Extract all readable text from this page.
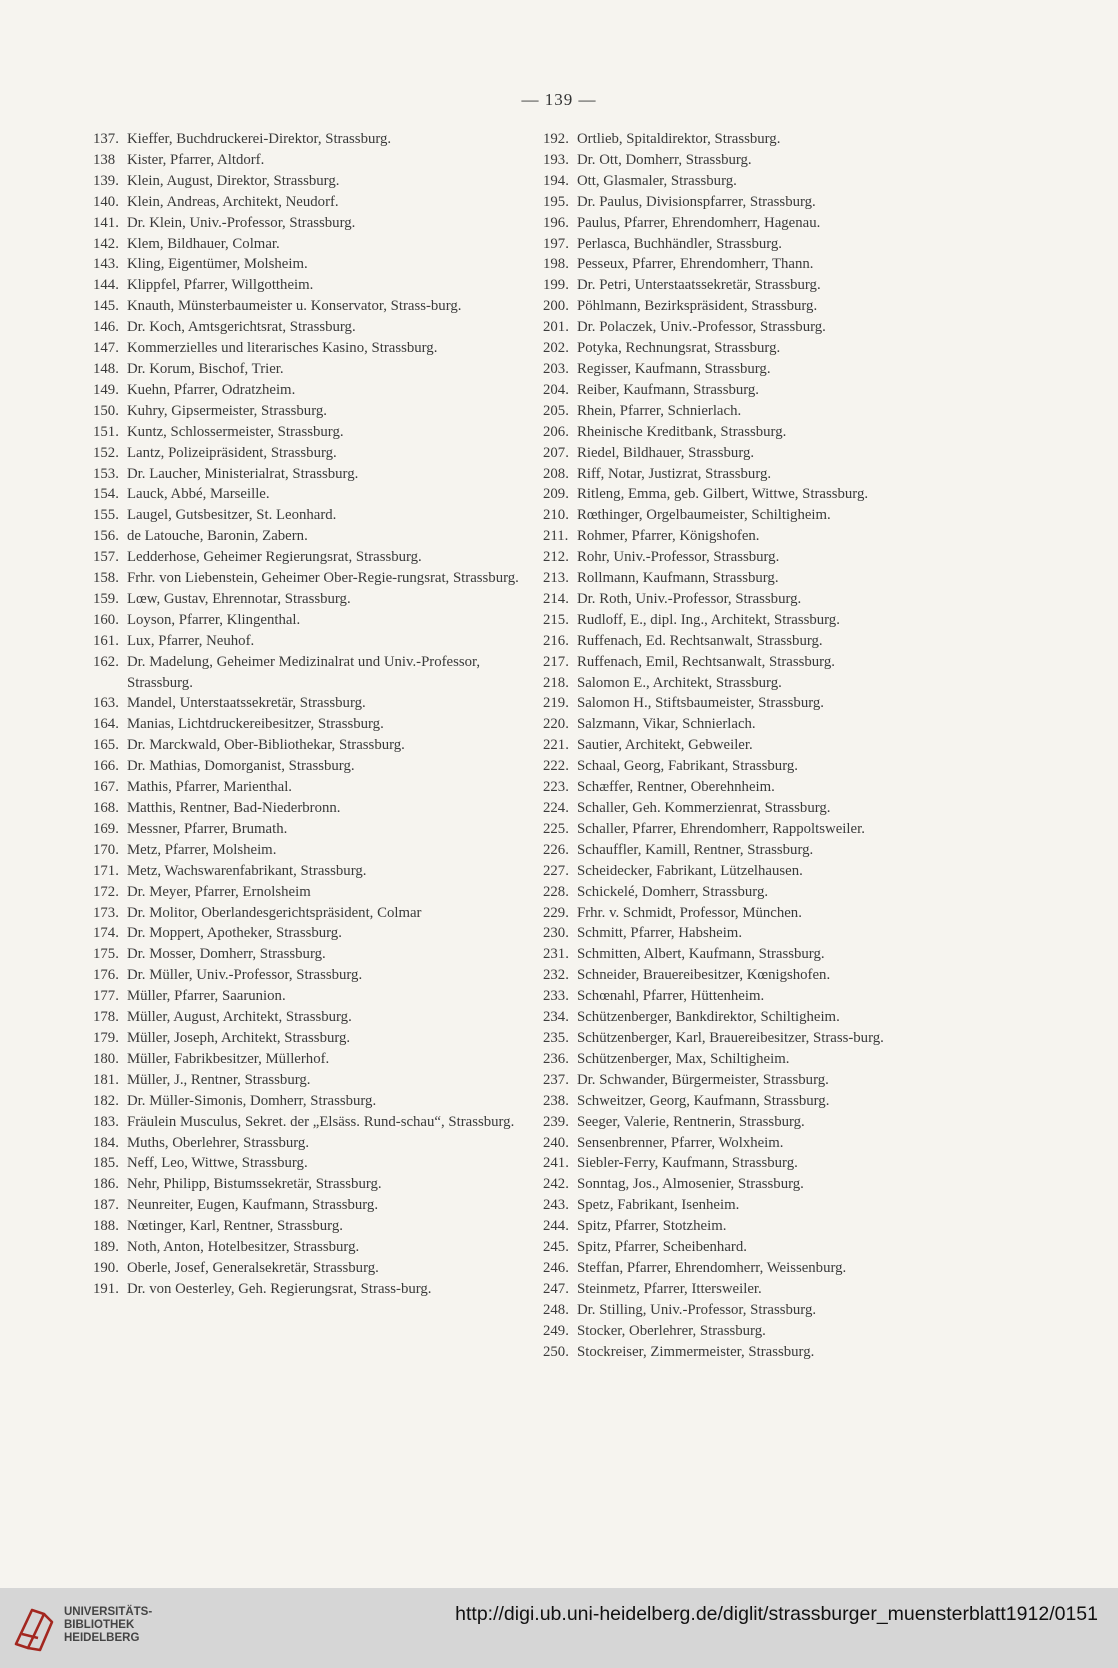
— 139 —
137. Kieffer, Buchdruckerei-Direktor, Strassburg.
138 Kister, Pfarrer, Altdorf.
139. Klein, August, Direktor, Strassburg.
140. Klein, Andreas, Architekt, Neudorf.
141. Dr. Klein, Univ.-Professor, Strassburg.
142. Klem, Bildhauer, Colmar.
143. Kling, Eigentümer, Molsheim.
144. Klippfel, Pfarrer, Willgottheim.
145. Knauth, Münsterbaumeister u. Konservator, Strass-burg.
146. Dr. Koch, Amtsgerichtsrat, Strassburg.
147. Kommerzielles und literarisches Kasino, Strassburg.
148. Dr. Korum, Bischof, Trier.
149. Kuehn, Pfarrer, Odratzheim.
150. Kuhry, Gipsermeister, Strassburg.
151. Kuntz, Schlossermeister, Strassburg.
152. Lantz, Polizeipräsident, Strassburg.
153. Dr. Laucher, Ministerialrat, Strassburg.
154. Lauck, Abbé, Marseille.
155. Laugel, Gutsbesitzer, St. Leonhard.
156. de Latouche, Baronin, Zabern.
157. Ledderhose, Geheimer Regierungsrat, Strassburg.
158. Frhr. von Liebenstein, Geheimer Ober-Regie-rungsrat, Strassburg.
159. Lœw, Gustav, Ehrennotar, Strassburg.
160. Loyson, Pfarrer, Klingenthal.
161. Lux, Pfarrer, Neuhof.
162. Dr. Madelung, Geheimer Medizinalrat und Univ.-Professor, Strassburg.
163. Mandel, Unterstaatssekretär, Strassburg.
164. Manias, Lichtdruckereibesitzer, Strassburg.
165. Dr. Marckwald, Ober-Bibliothekar, Strassburg.
166. Dr. Mathias, Domorganist, Strassburg.
167. Mathis, Pfarrer, Marienthal.
168. Matthis, Rentner, Bad-Niederbronn.
169. Messner, Pfarrer, Brumath.
170. Metz, Pfarrer, Molsheim.
171. Metz, Wachswarenfabrikant, Strassburg.
172. Dr. Meyer, Pfarrer, Ernolsheim
173. Dr. Molitor, Oberlandesgerichtspräsident, Colmar
174. Dr. Moppert, Apotheker, Strassburg.
175. Dr. Mosser, Domherr, Strassburg.
176. Dr. Müller, Univ.-Professor, Strassburg.
177. Müller, Pfarrer, Saarunion.
178. Müller, August, Architekt, Strassburg.
179. Müller, Joseph, Architekt, Strassburg.
180. Müller, Fabrikbesitzer, Müllerhof.
181. Müller, J., Rentner, Strassburg.
182. Dr. Müller-Simonis, Domherr, Strassburg.
183. Fräulein Musculus, Sekret. der „Elsäss. Rund-schau“, Strassburg.
184. Muths, Oberlehrer, Strassburg.
185. Neff, Leo, Wittwe, Strassburg.
186. Nehr, Philipp, Bistumssekretär, Strassburg.
187. Neunreiter, Eugen, Kaufmann, Strassburg.
188. Nœtinger, Karl, Rentner, Strassburg.
189. Noth, Anton, Hotelbesitzer, Strassburg.
190. Oberle, Josef, Generalsekretär, Strassburg.
191. Dr. von Oesterley, Geh. Regierungsrat, Strass-burg.
192. Ortlieb, Spitaldirektor, Strassburg.
193. Dr. Ott, Domherr, Strassburg.
194. Ott, Glasmaler, Strassburg.
195. Dr. Paulus, Divisionspfarrer, Strassburg.
196. Paulus, Pfarrer, Ehrendomherr, Hagenau.
197. Perlasca, Buchhändler, Strassburg.
198. Pesseux, Pfarrer, Ehrendomherr, Thann.
199. Dr. Petri, Unterstaatssekretär, Strassburg.
200. Pöhlmann, Bezirkspräsident, Strassburg.
201. Dr. Polaczek, Univ.-Professor, Strassburg.
202. Potyka, Rechnungsrat, Strassburg.
203. Regisser, Kaufmann, Strassburg.
204. Reiber, Kaufmann, Strassburg.
205. Rhein, Pfarrer, Schnierlach.
206. Rheinische Kreditbank, Strassburg.
207. Riedel, Bildhauer, Strassburg.
208. Riff, Notar, Justizrat, Strassburg.
209. Ritleng, Emma, geb. Gilbert, Wittwe, Strassburg.
210. Rœthinger, Orgelbaumeister, Schiltigheim.
211. Rohmer, Pfarrer, Königshofen.
212. Rohr, Univ.-Professor, Strassburg.
213. Rollmann, Kaufmann, Strassburg.
214. Dr. Roth, Univ.-Professor, Strassburg.
215. Rudloff, E., dipl. Ing., Architekt, Strassburg.
216. Ruffenach, Ed. Rechtsanwalt, Strassburg.
217. Ruffenach, Emil, Rechtsanwalt, Strassburg.
218. Salomon E., Architekt, Strassburg.
219. Salomon H., Stiftsbaumeister, Strassburg.
220. Salzmann, Vikar, Schnierlach.
221. Sautier, Architekt, Gebweiler.
222. Schaal, Georg, Fabrikant, Strassburg.
223. Schæffer, Rentner, Oberehnheim.
224. Schaller, Geh. Kommerzienrat, Strassburg.
225. Schaller, Pfarrer, Ehrendomherr, Rappoltsweiler.
226. Schauffler, Kamill, Rentner, Strassburg.
227. Scheidecker, Fabrikant, Lützelhausen.
228. Schickelé, Domherr, Strassburg.
229. Frhr. v. Schmidt, Professor, München.
230. Schmitt, Pfarrer, Habsheim.
231. Schmitten, Albert, Kaufmann, Strassburg.
232. Schneider, Brauereibesitzer, Kœnigshofen.
233. Schœnahl, Pfarrer, Hüttenheim.
234. Schützenberger, Bankdirektor, Schiltigheim.
235. Schützenberger, Karl, Brauereibesitzer, Strass-burg.
236. Schützenberger, Max, Schiltigheim.
237. Dr. Schwander, Bürgermeister, Strassburg.
238. Schweitzer, Georg, Kaufmann, Strassburg.
239. Seeger, Valerie, Rentnerin, Strassburg.
240. Sensenbrenner, Pfarrer, Wolxheim.
241. Siebler-Ferry, Kaufmann, Strassburg.
242. Sonntag, Jos., Almosenier, Strassburg.
243. Spetz, Fabrikant, Isenheim.
244. Spitz, Pfarrer, Stotzheim.
245. Spitz, Pfarrer, Scheibenhard.
246. Steffan, Pfarrer, Ehrendomherr, Weissenburg.
247. Steinmetz, Pfarrer, Ittersweiler.
248. Dr. Stilling, Univ.-Professor, Strassburg.
249. Stocker, Oberlehrer, Strassburg.
250. Stockreiser, Zimmermeister, Strassburg.
UNIVERSITÄTS-
BIBLIOTHEK
HEIDELBERG
http://digi.ub.uni-heidelberg.de/diglit/strassburger_muensterblatt1912/0151
